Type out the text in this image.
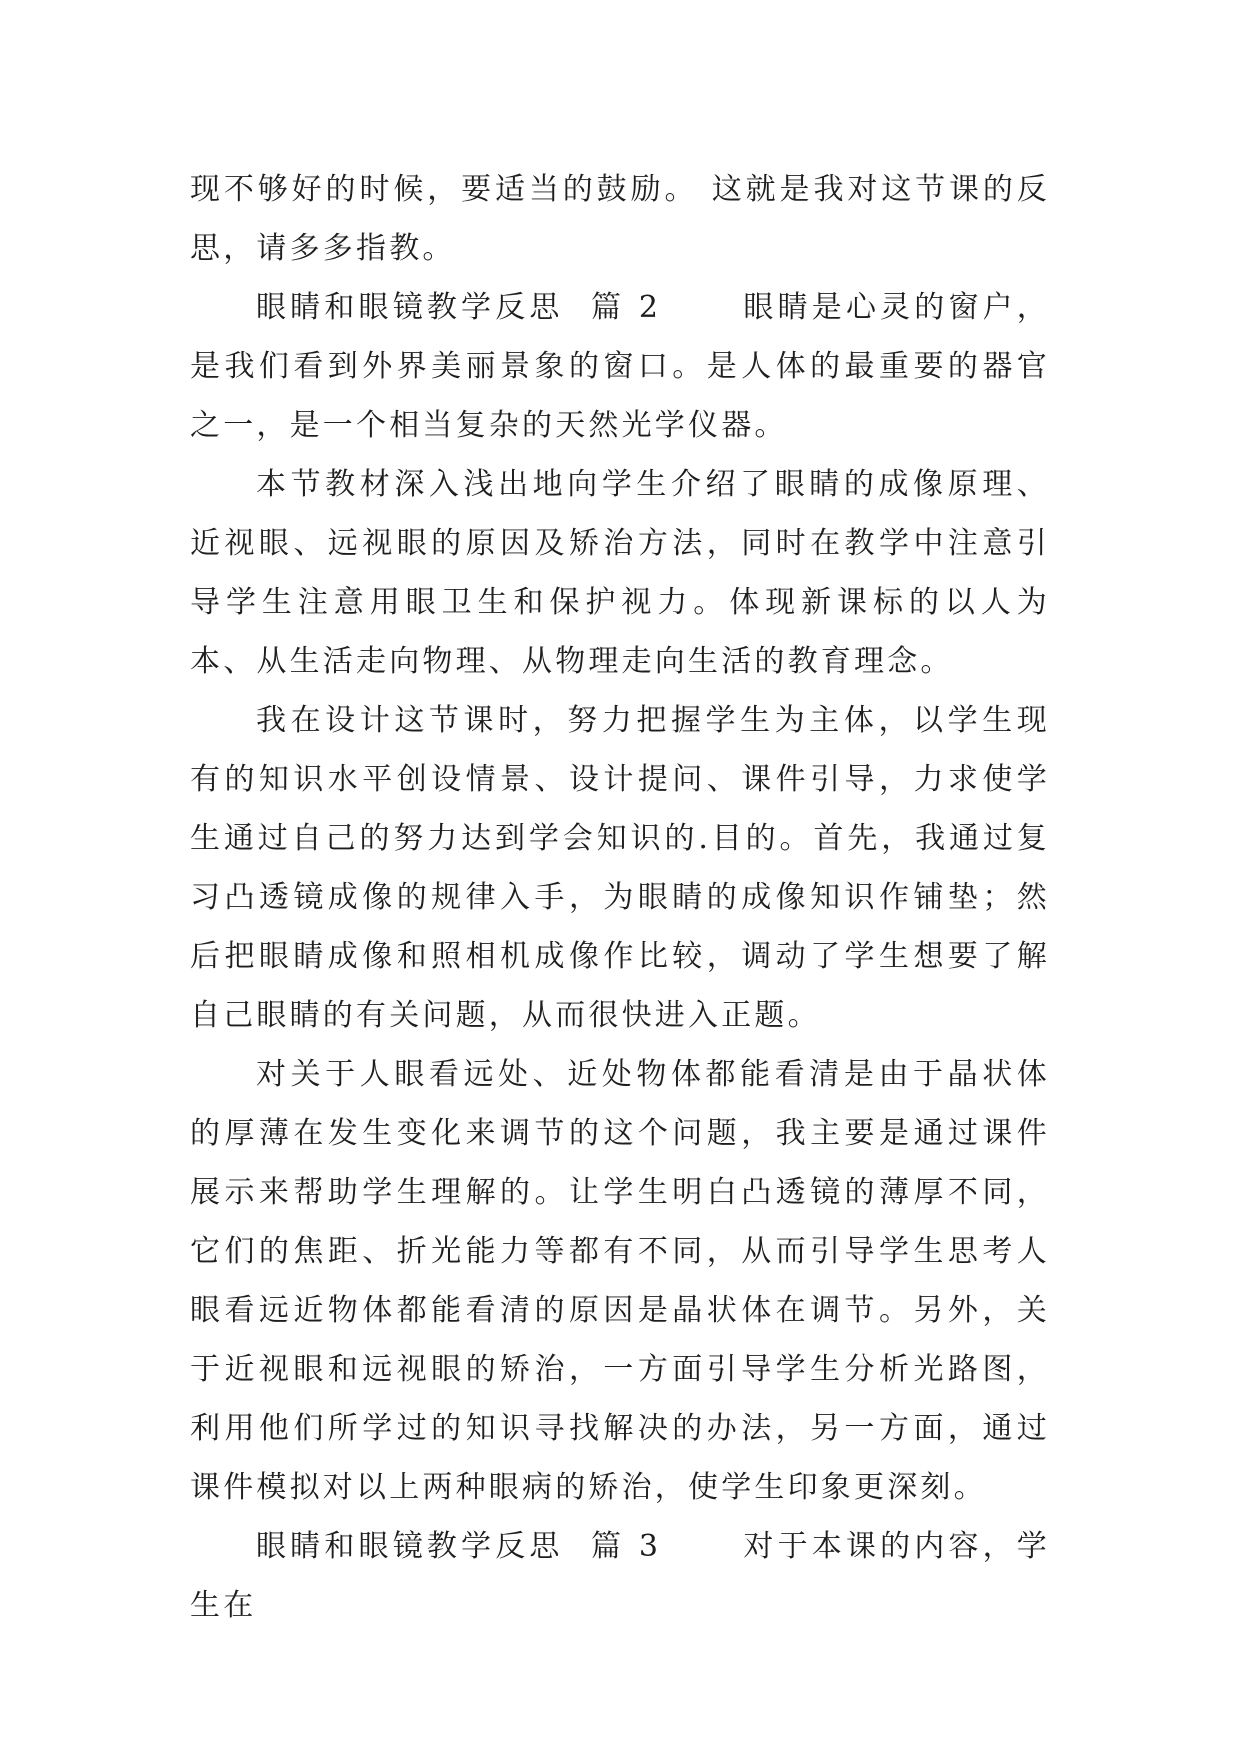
现不够好的时候，要适当的鼓励。 这就是我对这节课的反思，请多多指教。

眼睛和眼镜教学反思  篇 2	眼睛是心灵的窗户，是我们看到外界美丽景象的窗口。是人体的最重要的器官之一，是一个相当复杂的天然光学仪器。

本节教材深入浅出地向学生介绍了眼睛的成像原理、近视眼、远视眼的原因及矫治方法，同时在教学中注意引导学生注意用眼卫生和保护视力。体现新课标的以人为本、从生活走向物理、从物理走向生活的教育理念。

我在设计这节课时，努力把握学生为主体，以学生现有的知识水平创设情景、设计提问、课件引导，力求使学生通过自己的努力达到学会知识的.目的。首先，我通过复习凸透镜成像的规律入手，为眼睛的成像知识作铺垫；然后把眼睛成像和照相机成像作比较，调动了学生想要了解自己眼睛的有关问题，从而很快进入正题。

对关于人眼看远处、近处物体都能看清是由于晶状体的厚薄在发生变化来调节的这个问题，我主要是通过课件展示来帮助学生理解的。让学生明白凸透镜的薄厚不同，它们的焦距、折光能力等都有不同，从而引导学生思考人眼看远近物体都能看清的原因是晶状体在调节。另外，关于近视眼和远视眼的矫治，一方面引导学生分析光路图，利用他们所学过的知识寻找解决的办法，另一方面，通过课件模拟对以上两种眼病的矫治，使学生印象更深刻。

眼睛和眼镜教学反思  篇 3	对于本课的内容，学生在
